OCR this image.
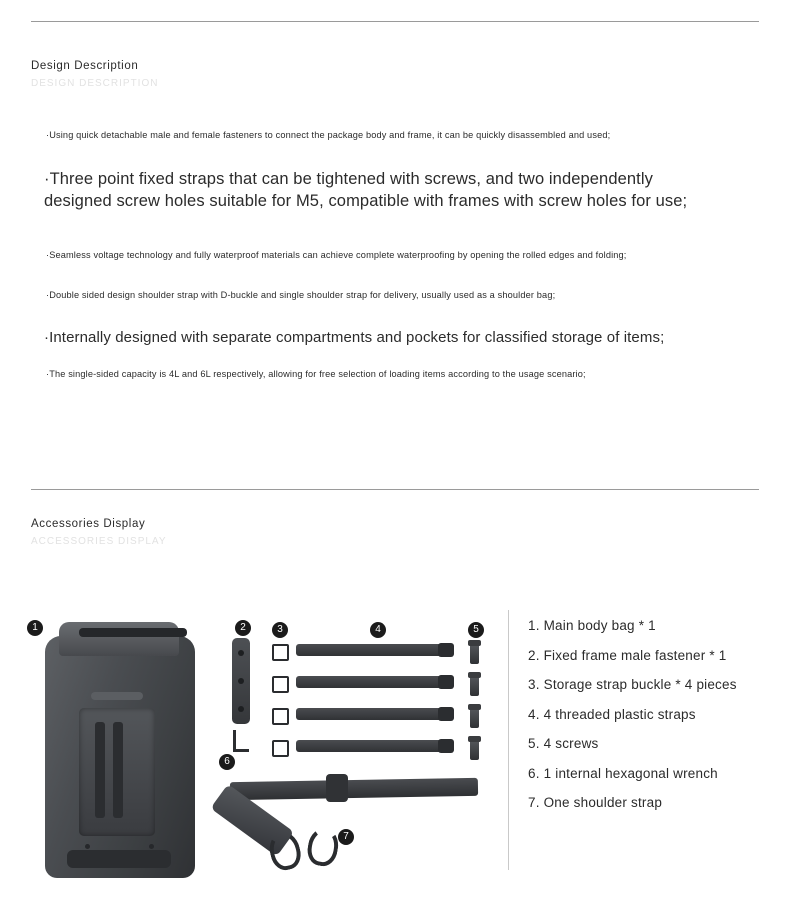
Design Description
DESIGN DESCRIPTION
·Using quick detachable male and female fasteners to connect the package body and frame, it can be quickly disassembled and used;
·Three point fixed straps that can be tightened with screws, and two independently designed screw holes suitable for M5, compatible with frames with screw holes for use;
·Seamless voltage technology and fully waterproof materials can achieve complete waterproofing by opening the rolled edges and folding;
·Double sided design shoulder strap with D-buckle and single shoulder strap for delivery, usually used as a shoulder bag;
·Internally designed with separate compartments and pockets for classified storage of items;
·The single-sided capacity is 4L and 6L respectively, allowing for free selection of loading items according to the usage scenario;
Accessories Display
ACCESSORIES DISPLAY
1	2	3	4	5
6
7
1. Main body bag * 1
2. Fixed frame male fastener * 1
3. Storage strap buckle * 4 pieces
4. 4 threaded plastic straps
5. 4 screws
6. 1 internal hexagonal wrench
7. One shoulder strap
